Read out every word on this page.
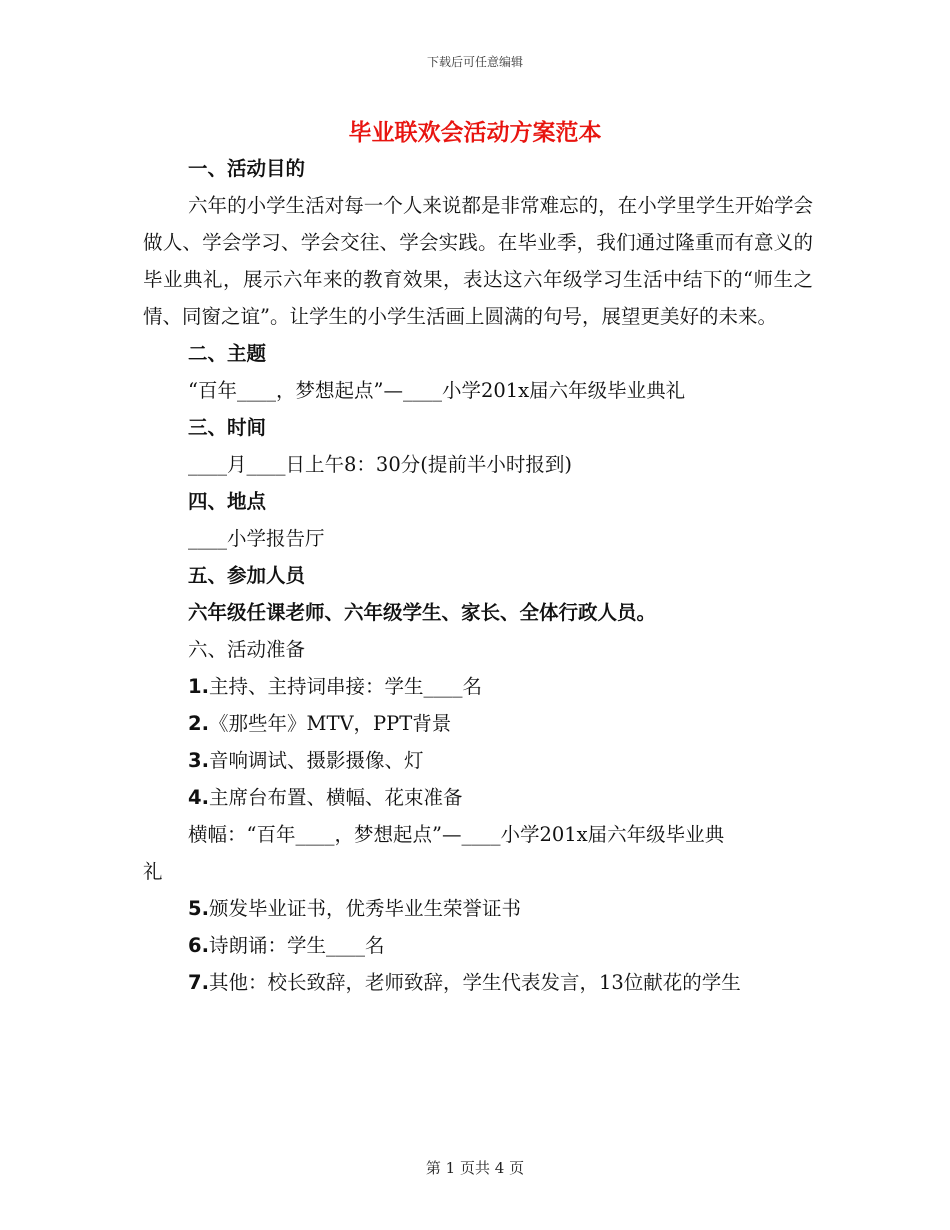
下载后可任意编辑
毕业联欢会活动方案范本
一、活动目的
六年的小学生活对每一个人来说都是非常难忘的，在小学里学生开始学会做人、学会学习、学会交往、学会实践。在毕业季，我们通过隆重而有意义的毕业典礼，展示六年来的教育效果，表达这六年级学习生活中结下的“师生之情、同窗之谊”。让学生的小学生活画上圆满的句号，展望更美好的未来。
二、主题
“百年____，梦想起点”—____小学201x届六年级毕业典礼
三、时间
____月____日上午8：30分(提前半小时报到)
四、地点
____小学报告厅
五、参加人员
六年级任课老师、六年级学生、家长、全体行政人员。
六、活动准备
1.主持、主持词串接：学生____名
2.《那些年》MTV，PPT背景
3.音响调试、摄影摄像、灯
4.主席台布置、横幅、花束准备
横幅：“百年____，梦想起点”—____小学201x届六年级毕业典
礼
5.颁发毕业证书，优秀毕业生荣誉证书
6.诗朗诵：学生____名
7.其他：校长致辞，老师致辞，学生代表发言，13位献花的学生
第 1 页共 4 页
